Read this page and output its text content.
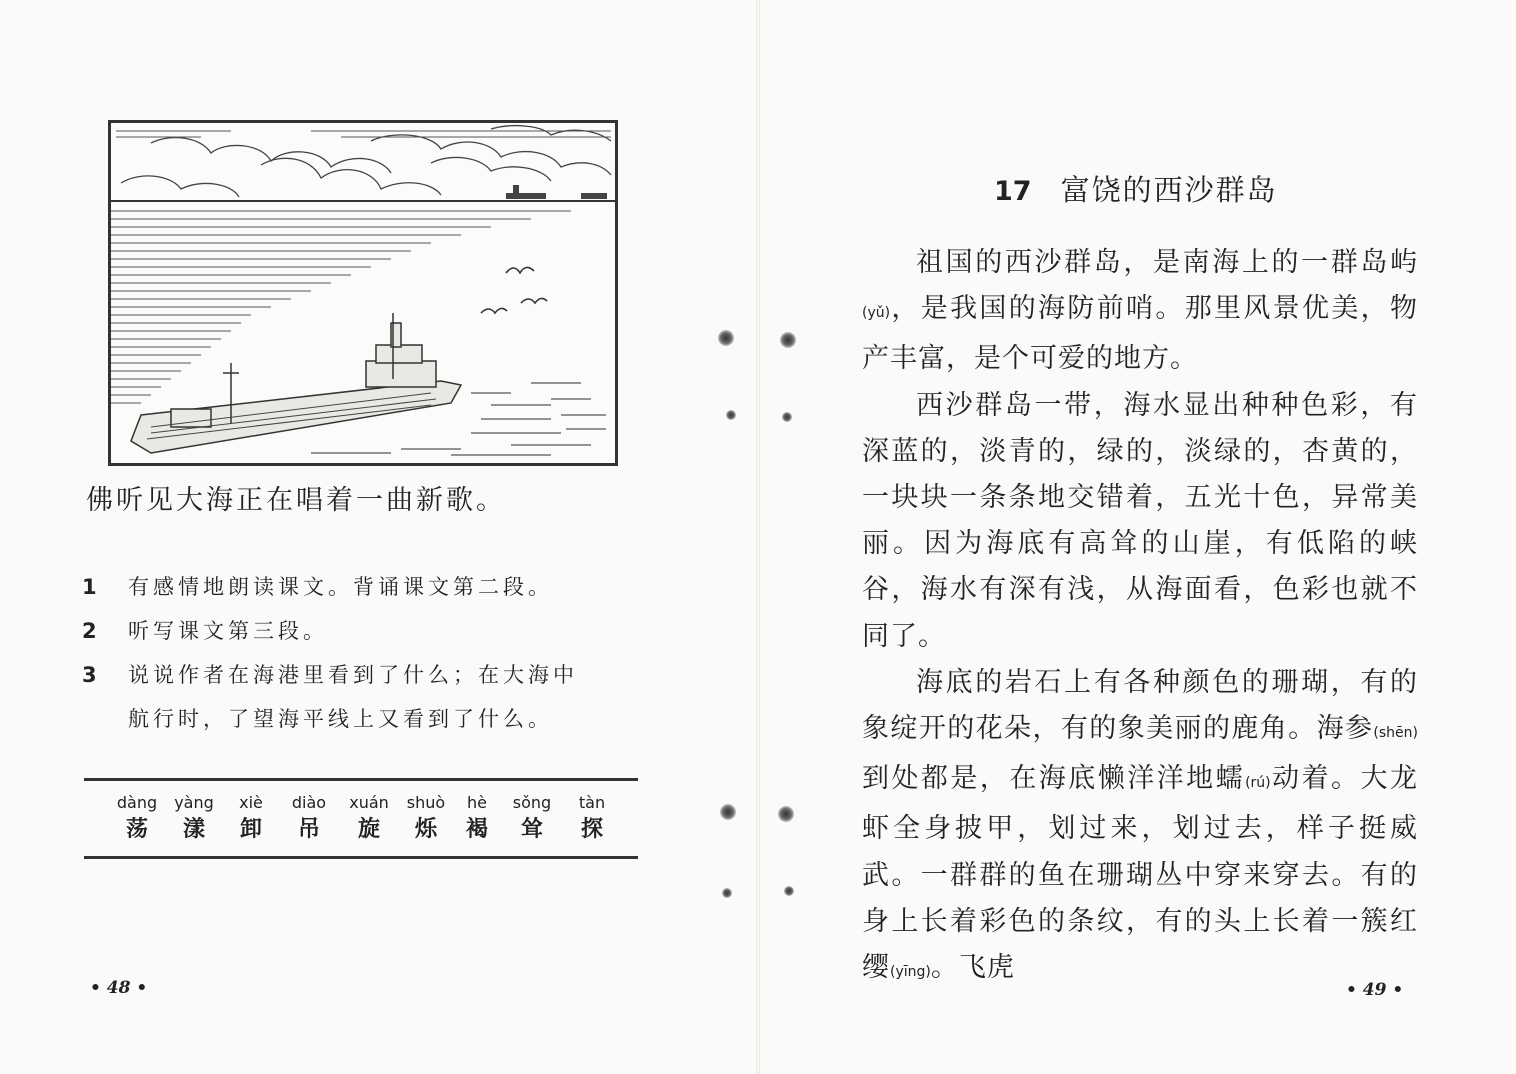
佛听见大海正在唱着一曲新歌。
1 有感情地朗读课文。背诵课文第二段。
2 听写课文第三段。
3 说说作者在海港里看到了什么；在大海中
航行时，了望海平线上又看到了什么。
dàng
荡
yàng
漾
xiè
卸
diào
吊
xuán
旋
shuò
烁
hè
褐
sǒng
耸
tàn
探
• 48 •
17 富饶的西沙群岛

祖国的西沙群岛，是南海上的一群岛屿(yǔ)，是我国的海防前哨。那里风景优美，物产丰富，是个可爱的地方。

西沙群岛一带，海水显出种种色彩，有深蓝的，淡青的，绿的，淡绿的，杏黄的，一块块一条条地交错着，五光十色，异常美丽。因为海底有高耸的山崖，有低陷的峡谷，海水有深有浅，从海面看，色彩也就不同了。

海底的岩石上有各种颜色的珊瑚，有的象绽开的花朵，有的象美丽的鹿角。海参(shēn)到处都是，在海底懒洋洋地蠕(rú)动着。大龙虾全身披甲，划过来，划过去，样子挺威武。一群群的鱼在珊瑚丛中穿来穿去。有的身上长着彩色的条纹，有的头上长着一簇红缨(yīng)。飞虎

• 49 •
